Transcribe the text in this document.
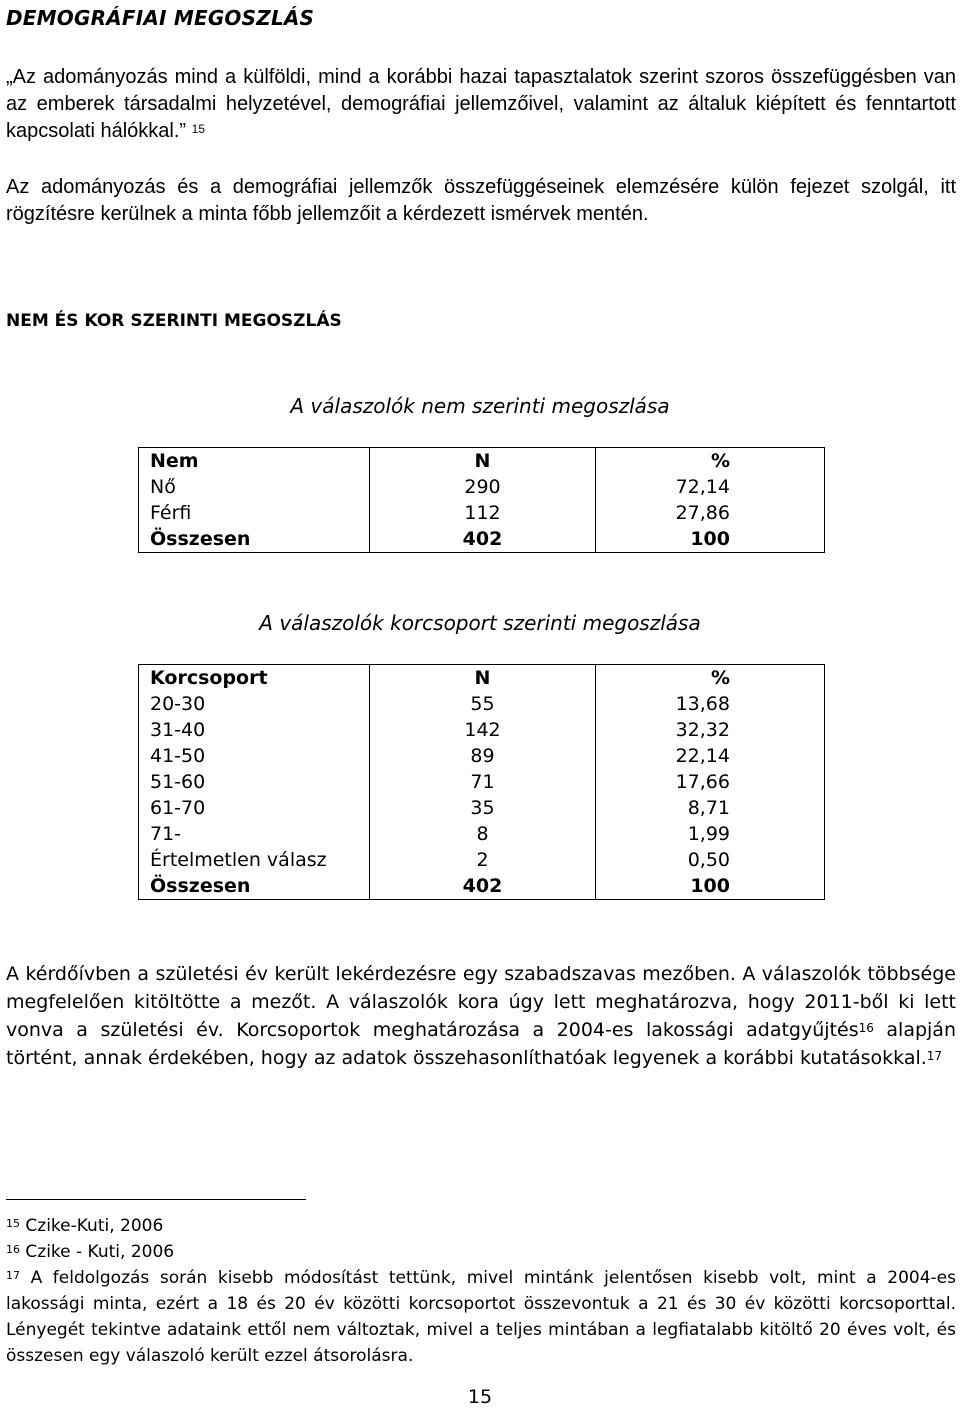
DEMOGRÁFIAI MEGOSZLÁS
„Az adományozás mind a külföldi, mind a korábbi hazai tapasztalatok szerint szoros összefüggésben van az emberek társadalmi helyzetével, demográfiai jellemzőivel, valamint az általuk kiépített és fenntartott kapcsolati hálókkal.” $^{15}$
Az adományozás és a demográfiai jellemzők összefüggéseinek elemzésére külön fejezet szolgál, itt rögzítésre kerülnek a minta főbb jellemzőit a kérdezett ismérvek mentén.
NEM ÉS KOR SZERINTI MEGOSZLÁS
A válaszolók nem szerinti megoszlása
Nem	N	%
Nő	290	72,14
Férfi	112	27,86
Összesen	402	100
A válaszolók korcsoport szerinti megoszlása
Korcsoport	N	%
20-30	55	13,68
31-40	142	32,32
41-50	89	22,14
51-60	71	17,66
61-70	35	8,71
71-	8	1,99
Értelmetlen válasz	2	0,50
Összesen	402	100
A kérdőívben a születési év került lekérdezésre egy szabadszavas mezőben. A válaszolók többsége megfelelően kitöltötte a mezőt. A válaszolók kora úgy lett meghatározva, hogy 2011-ből ki lett vonva a születési év. Korcsoportok meghatározása a 2004-es lakossági adatgyűjtés$^{16}$ alapján történt, annak érdekében, hogy az adatok összehasonlíthatóak legyenek a korábbi kutatásokkal.$^{17}$
$^{15}$ Czike-Kuti, 2006
$^{16}$ Czike - Kuti, 2006
$^{17}$ A feldolgozás során kisebb módosítást tettünk, mivel mintánk jelentősen kisebb volt, mint a 2004-es lakossági minta, ezért a 18 és 20 év közötti korcsoportot összevontuk a 21 és 30 év közötti korcsoporttal. Lényegét tekintve adataink ettől nem változtak, mivel a teljes mintában a legfiatalabb kitöltő 20 éves volt, és összesen egy válaszoló került ezzel átsorolásra.
15
